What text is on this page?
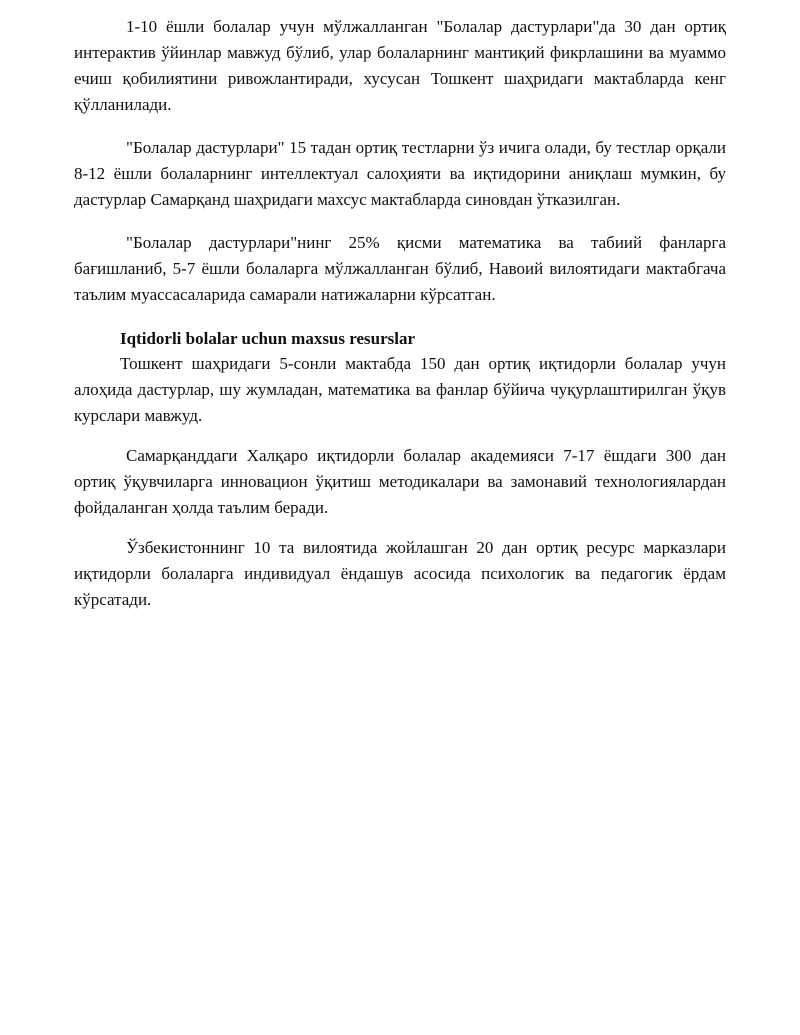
1-10 ёшли болалар учун мўлжалланган "Болалар дастурлари"да 30 дан ортиқ интерактив ўйинлар мавжуд бўлиб, улар болаларнинг мантиқий фикрлашини ва муаммо ечиш қобилиятини ривожлантиради, хусусан Тошкент шаҳридаги мактабларда кенг қўлланилади.

"Болалар дастурлари" 15 тадан ортиқ тестларни ўз ичига олади, бу тестлар орқали 8-12 ёшли болаларнинг интеллектуал салоҳияти ва иқтидорини аниқлаш мумкин, бу дастурлар Самарқанд шаҳридаги махсус мактабларда синовдан ўтказилган.

"Болалар дастурлари"нинг 25% қисми математика ва табиий фанларга бағишланиб, 5-7 ёшли болаларга мўлжалланган бўлиб, Навоий вилоятидаги мактабгача таълим муассасаларида самарали натижаларни кўрсатган.

Iqtidorli bolalar uchun maxsus resurslar

Тошкент шаҳридаги 5-сонли мактабда 150 дан ортиқ иқтидорли болалар учун алоҳида дастурлар, шу жумладан, математика ва фанлар бўйича чуқурлаштирилган ўқув курслари мавжуд.

Самарқанддаги Халқаро иқтидорли болалар академияси 7-17 ёшдаги 300 дан ортиқ ўқувчиларга инновацион ўқитиш методикалари ва замонавий технологиялардан фойдаланган ҳолда таълим беради.

Ўзбекистоннинг 10 та вилоятида жойлашган 20 дан ортиқ ресурс марказлари иқтидорли болаларга индивидуал ёндашув асосида психологик ва педагогик ёрдам кўрсатади.
